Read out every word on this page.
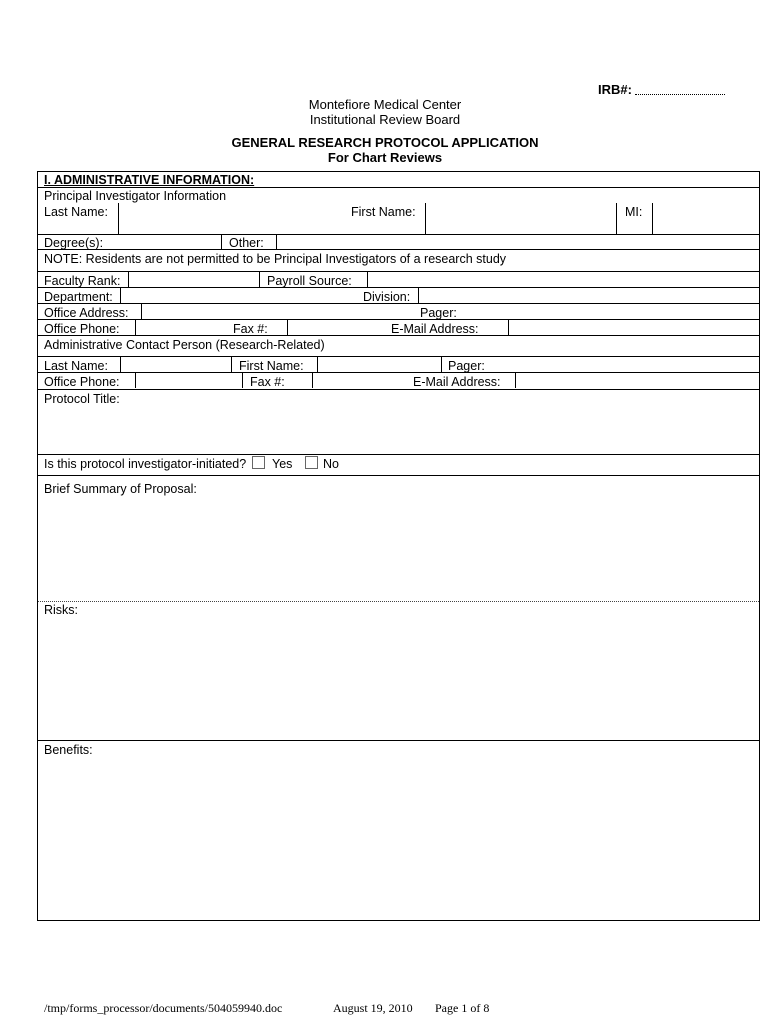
IRB#:
Montefiore Medical Center
Institutional Review Board
GENERAL RESEARCH PROTOCOL APPLICATION
For Chart Reviews
I. ADMINISTRATIVE INFORMATION:
Principal Investigator Information
Last Name:	First Name:	MI:
Degree(s):	Other:
NOTE: Residents are not permitted to be Principal Investigators of a research study
Faculty Rank:	Payroll Source:
Department:	Division:
Office Address:	Pager:
Office Phone:	Fax #:	E-Mail Address:
Administrative Contact Person (Research-Related)
Last Name:	First Name:	Pager:
Office Phone:	Fax #:	E-Mail Address:
Protocol Title:
Is this protocol investigator-initiated? Yes No
Brief Summary of Proposal:
Risks:
Benefits:
/tmp/forms_processor/documents/504059940.doc	August 19, 2010 Page 1 of 8
